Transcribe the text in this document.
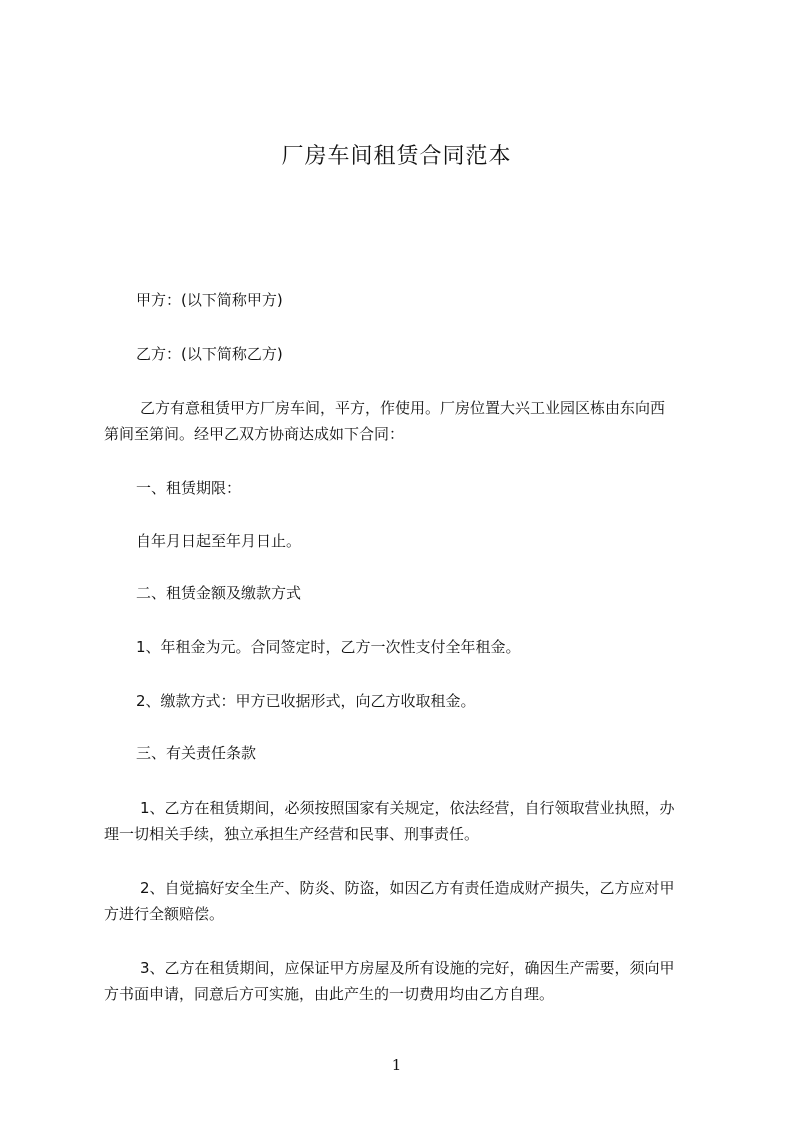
厂房车间租赁合同范本
甲方：(以下简称甲方)
乙方：(以下简称乙方)
乙方有意租赁甲方厂房车间，平方，作使用。厂房位置大兴工业园区栋由东向西
第间至第间。经甲乙双方协商达成如下合同：
一、租赁期限：
自年月日起至年月日止。
二、租赁金额及缴款方式
1、年租金为元。合同签定时，乙方一次性支付全年租金。
2、缴款方式：甲方已收据形式，向乙方收取租金。
三、有关责任条款
1、乙方在租赁期间，必须按照国家有关规定，依法经营，自行领取营业执照，办
理一切相关手续，独立承担生产经营和民事、刑事责任。
2、自觉搞好安全生产、防炎、防盗，如因乙方有责任造成财产损失，乙方应对甲
方进行全额赔偿。
3、乙方在租赁期间，应保证甲方房屋及所有设施的完好，确因生产需要，须向甲
方书面申请，同意后方可实施，由此产生的一切费用均由乙方自理。
1
